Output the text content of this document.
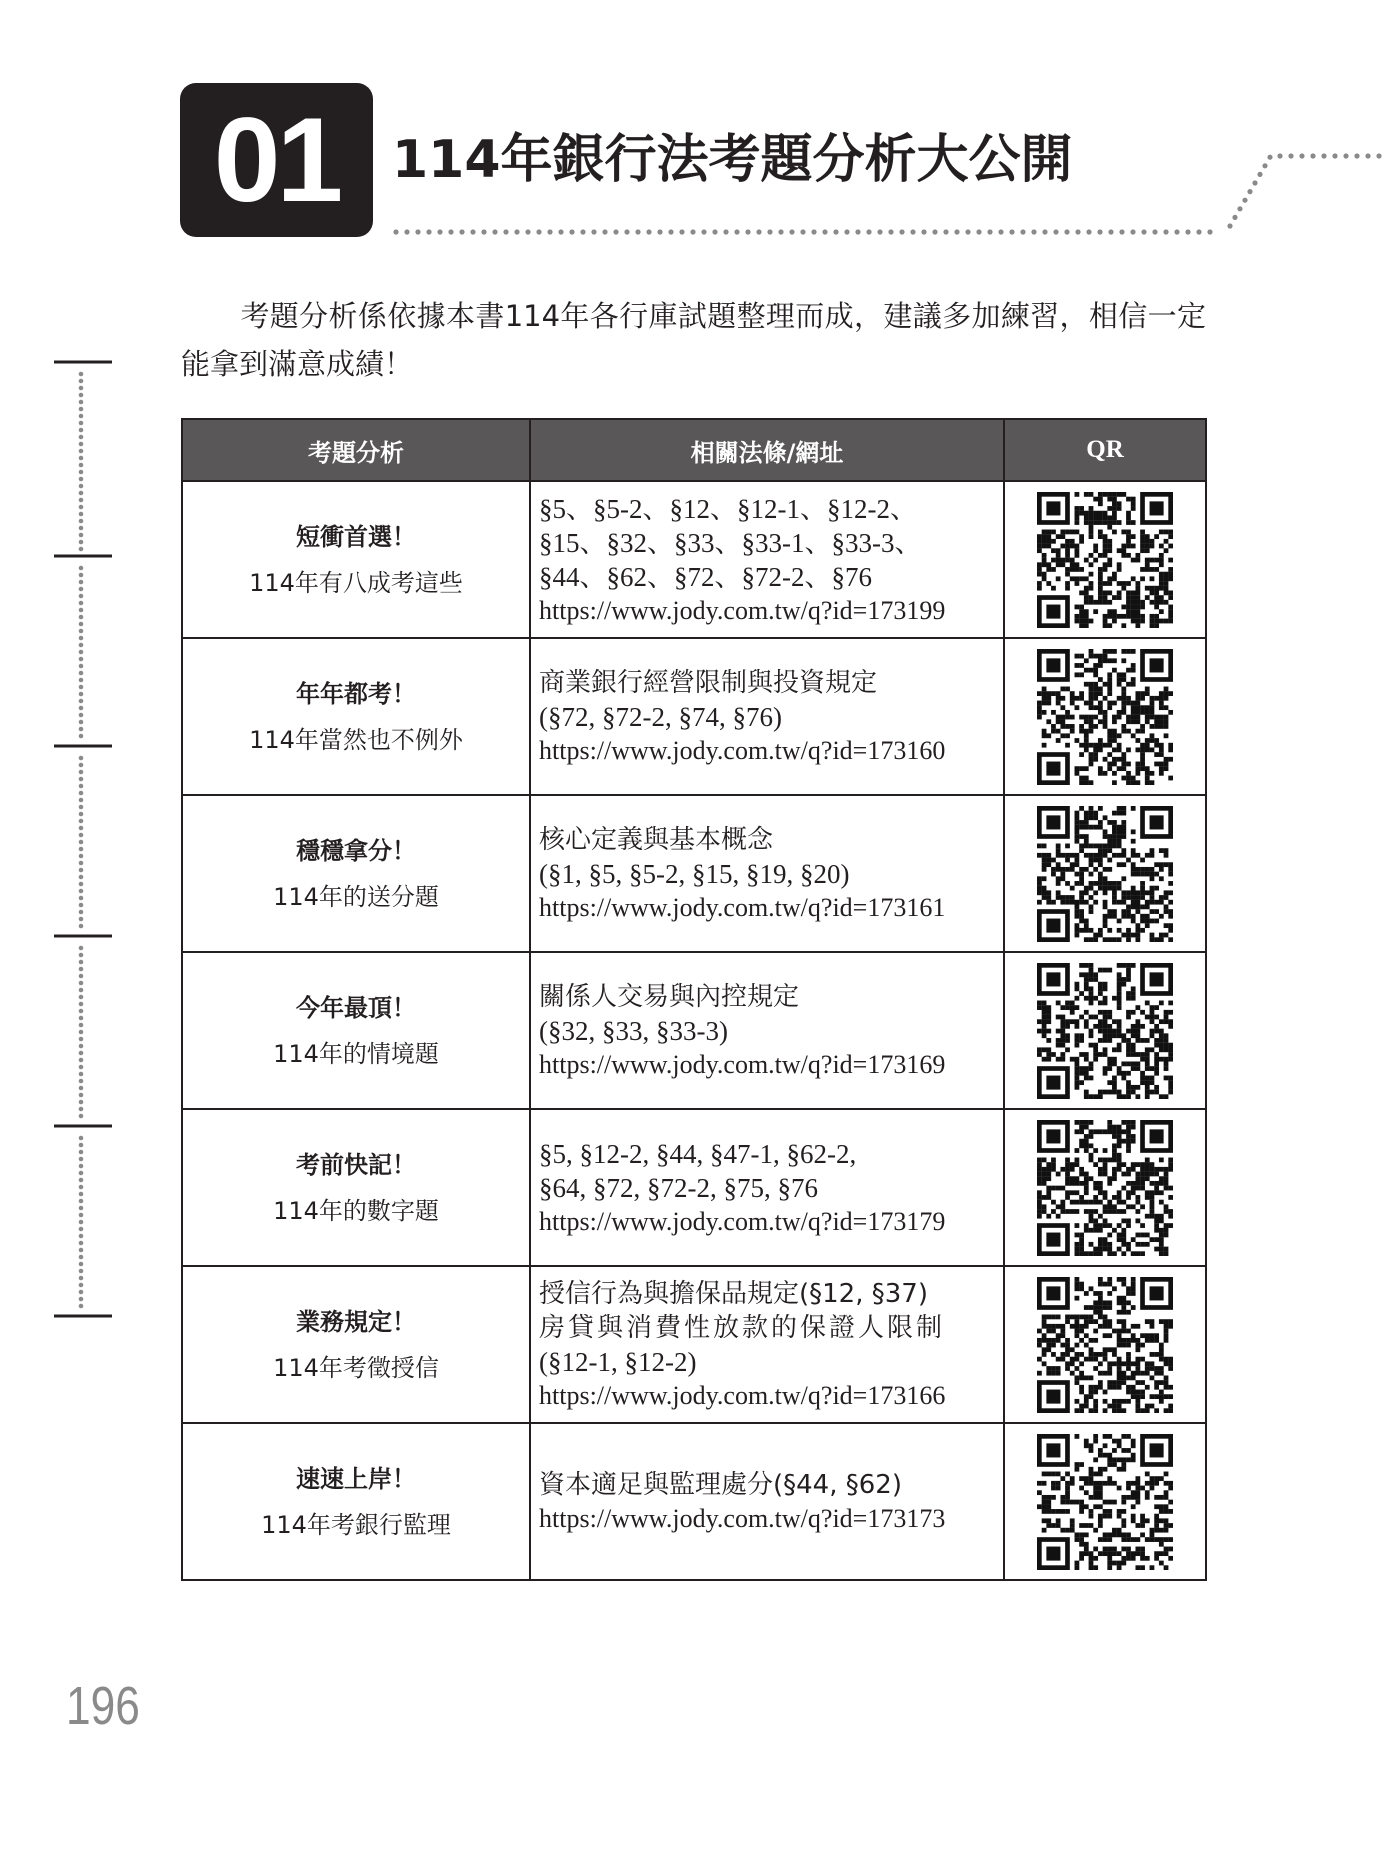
01	114年銀行法考題分析大公開

考題分析係依據本書114年各行庫試題整理而成，建議多加練習，相信一定能拿到滿意成績！

考題分析	相關法條/網址	QR

短衝首選！
114年有八成考這些	§5、§5-2、§12、§12-1、§12-2、
§15、§32、§33、§33-1、§33-3、
§44、§62、§72、§72-2、§76
https://www.jody.com.tw/q?id=173199

年年都考！
114年當然也不例外	商業銀行經營限制與投資規定
(§72, §72-2, §74, §76)
https://www.jody.com.tw/q?id=173160

穩穩拿分！
114年的送分題	核心定義與基本概念
(§1, §5, §5-2, §15, §19, §20)
https://www.jody.com.tw/q?id=173161

今年最頂！
114年的情境題	關係人交易與內控規定
(§32, §33, §33-3)
https://www.jody.com.tw/q?id=173169

考前快記！
114年的數字題	§5, §12-2, §44, §47-1, §62-2,
§64, §72, §72-2, §75, §76
https://www.jody.com.tw/q?id=173179

業務規定！
114年考徵授信	授信行為與擔保品規定(§12, §37)
房貸與消費性放款的保證人限制
(§12-1, §12-2)
https://www.jody.com.tw/q?id=173166

速速上岸！
114年考銀行監理	資本適足與監理處分(§44, §62)
https://www.jody.com.tw/q?id=173173

196
